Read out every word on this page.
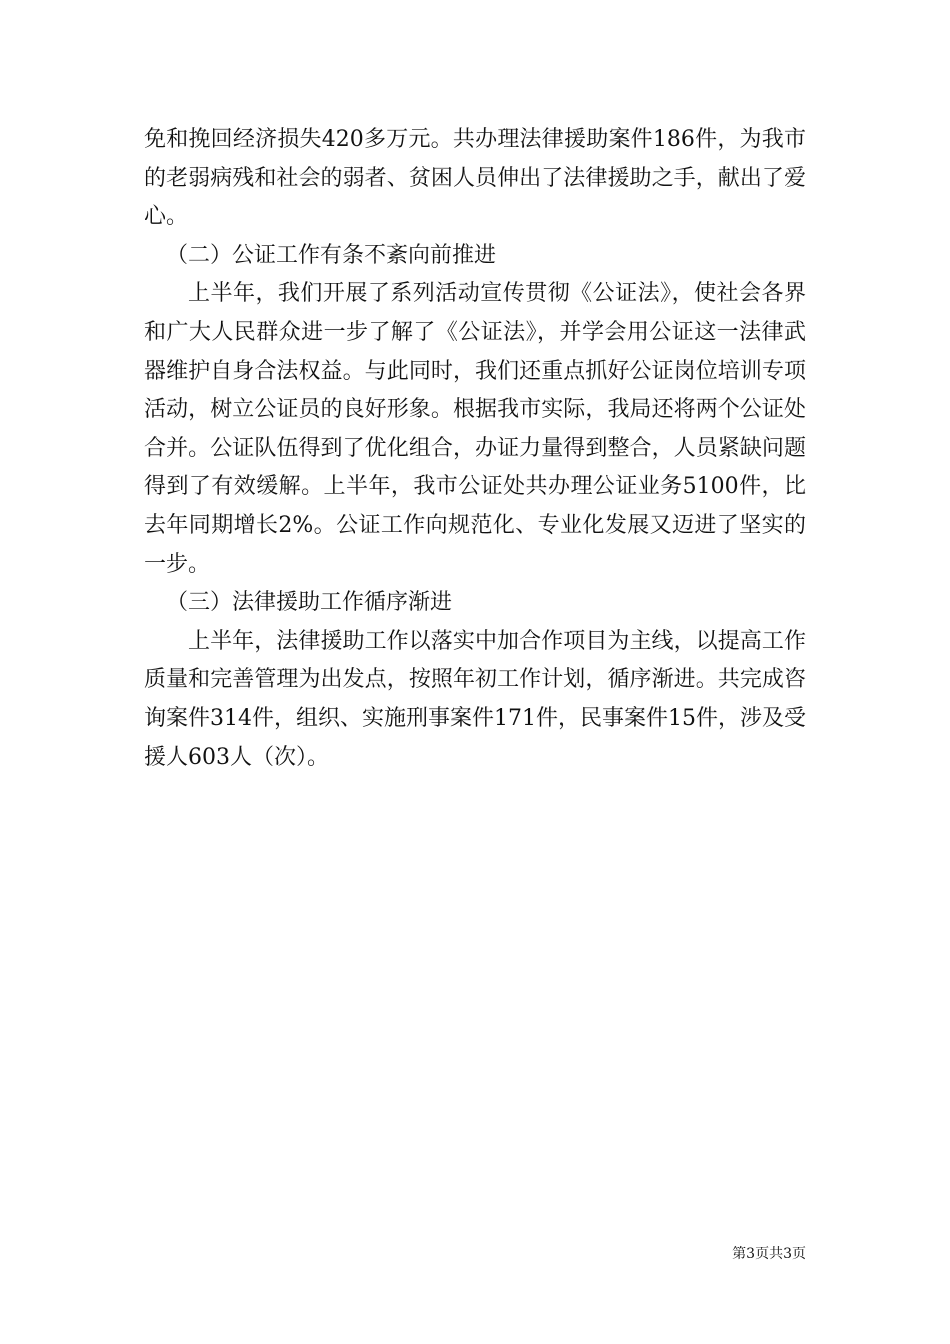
免和挽回经济损失420多万元。共办理法律援助案件186件，为我市的老弱病残和社会的弱者、贫困人员伸出了法律援助之手，献出了爱心。

（二）公证工作有条不紊向前推进

上半年，我们开展了系列活动宣传贯彻《公证法》，使社会各界和广大人民群众进一步了解了《公证法》，并学会用公证这一法律武器维护自身合法权益。与此同时，我们还重点抓好公证岗位培训专项活动，树立公证员的良好形象。根据我市实际，我局还将两个公证处合并。公证队伍得到了优化组合，办证力量得到整合，人员紧缺问题得到了有效缓解。上半年，我市公证处共办理公证业务5100件，比去年同期增长2%。公证工作向规范化、专业化发展又迈进了坚实的一步。

（三）法律援助工作循序渐进

上半年，法律援助工作以落实中加合作项目为主线，以提高工作质量和完善管理为出发点，按照年初工作计划，循序渐进。共完成咨询案件314件，组织、实施刑事案件171件，民事案件15件，涉及受援人603人（次）。

第3页共3页
